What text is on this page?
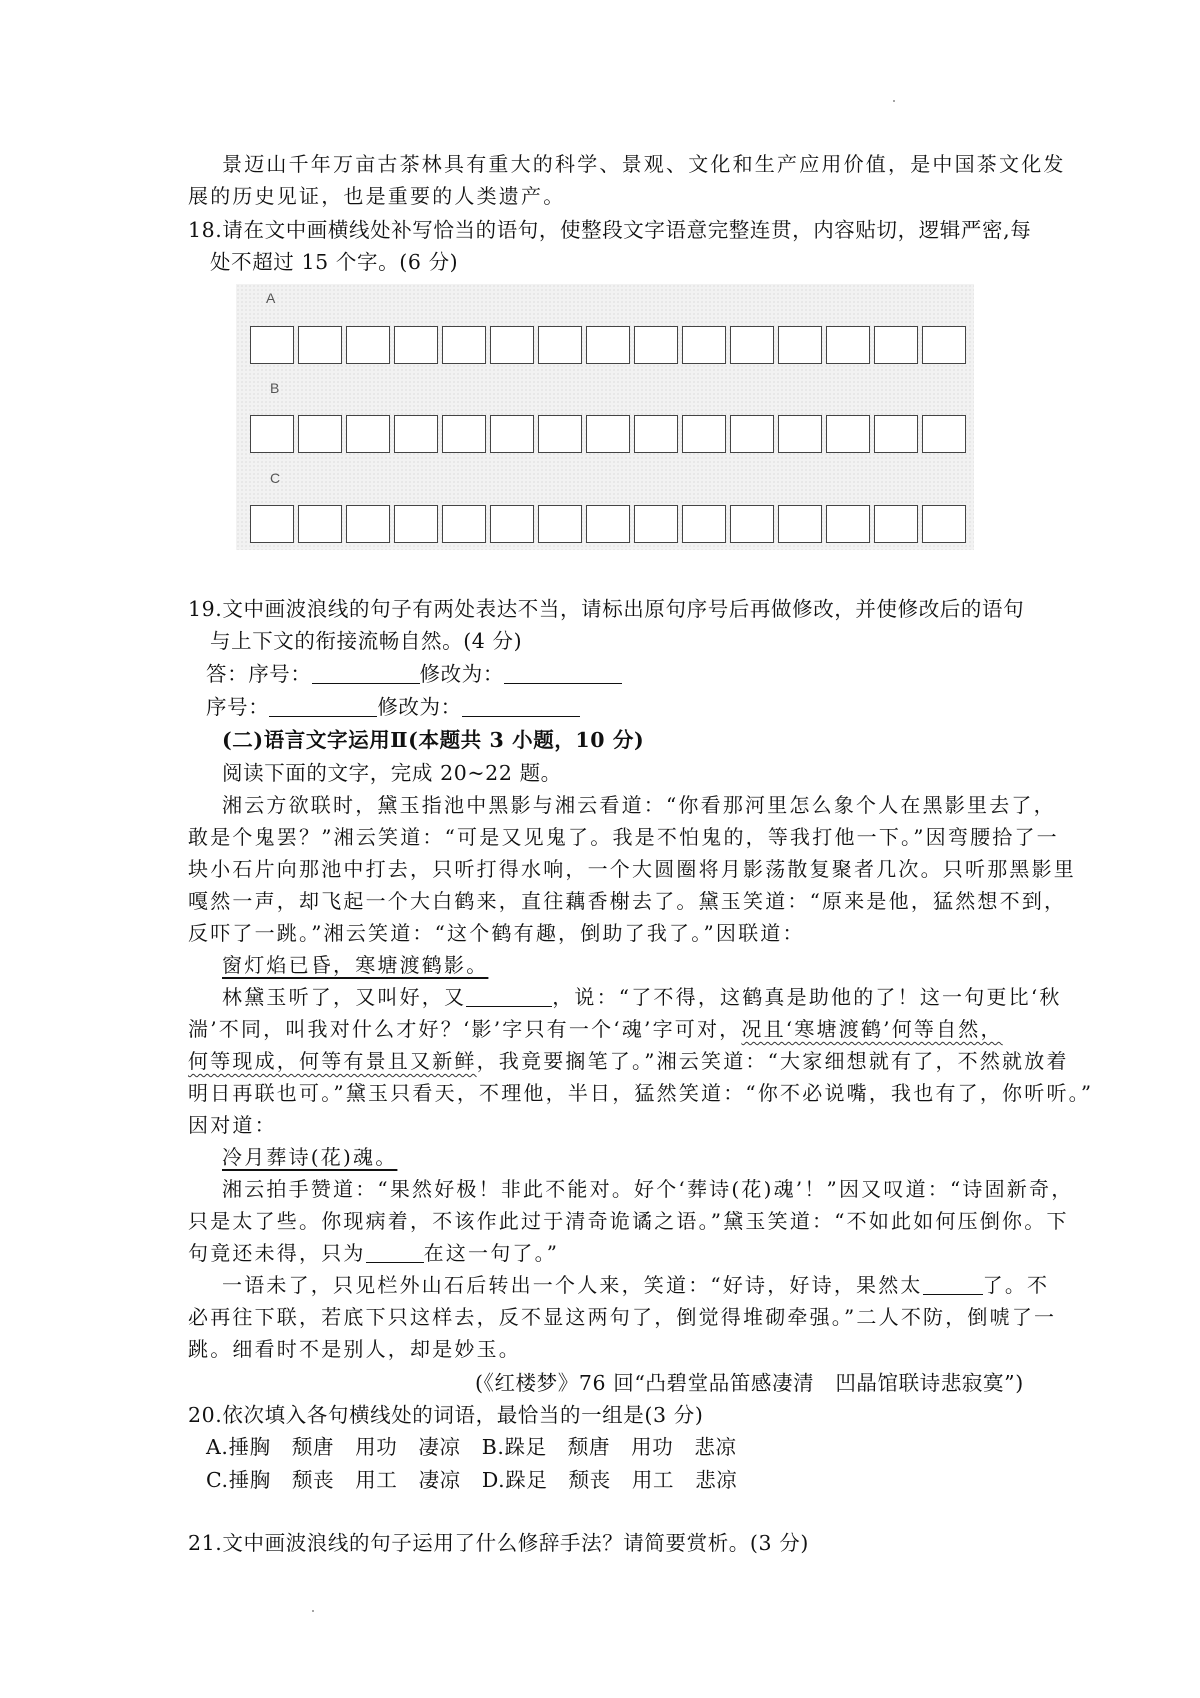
景迈山千年万亩古茶林具有重大的科学、景观、文化和生产应用价值，是中国茶文化发
展的历史见证，也是重要的人类遗产。
18.请在文中画横线处补写恰当的语句，使整段文字语意完整连贯，内容贴切，逻辑严密,每
处不超过 15 个字。(6 分)
A
B
C
19.文中画波浪线的句子有两处表达不当，请标出原句序号后再做修改，并使修改后的语句
与上下文的衔接流畅自然。(4 分)
答：序号：	修改为：
序号：	修改为：
(二)语言文字运用Ⅱ(本题共 3 小题，10 分)
阅读下面的文字，完成 20~22 题。
湘云方欲联时，黛玉指池中黑影与湘云看道：“你看那河里怎么象个人在黑影里去了，
敢是个鬼罢？”湘云笑道：“可是又见鬼了。我是不怕鬼的，等我打他一下。”因弯腰拾了一
块小石片向那池中打去，只听打得水响，一个大圆圈将月影荡散复聚者几次。只听那黑影里
嘎然一声，却飞起一个大白鹤来，直往藕香榭去了。黛玉笑道：“原来是他，猛然想不到，
反吓了一跳。”湘云笑道：“这个鹤有趣，倒助了我了。”因联道：
窗灯焰已昏，寒塘渡鹤影。
林黛玉听了，又叫好，又	，说：“了不得，这鹤真是助他的了！这一句更比‘秋
湍’不同，叫我对什么才好？‘影’字只有一个‘魂’字可对，况且‘寒塘渡鹤’何等自然，
何等现成，何等有景且又新鲜，我竟要搁笔了。”湘云笑道：“大家细想就有了，不然就放着
明日再联也可。”黛玉只看天，不理他，半日，猛然笑道：“你不必说嘴，我也有了，你听听。”
因对道：
冷月葬诗(花)魂。
湘云拍手赞道：“果然好极！非此不能对。好个‘葬诗(花)魂’！”因又叹道：“诗固新奇，
只是太了些。你现病着，不该作此过于清奇诡谲之语。”黛玉笑道：“不如此如何压倒你。下
句竟还未得，只为	在这一句了。”
一语未了，只见栏外山石后转出一个人来，笑道：“好诗，好诗，果然太	了。不
必再往下联，若底下只这样去，反不显这两句了，倒觉得堆砌牵强。”二人不防，倒唬了一
跳。细看时不是别人，却是妙玉。
(《红楼梦》76 回“凸碧堂品笛感凄清　凹晶馆联诗悲寂寞”)
20.依次填入各句横线处的词语，最恰当的一组是(3 分)
A.捶胸　颓唐　用功　凄凉　B.跺足　颓唐　用功　悲凉
C.捶胸　颓丧　用工　凄凉　D.跺足　颓丧　用工　悲凉
21.文中画波浪线的句子运用了什么修辞手法？请简要赏析。(3 分)
